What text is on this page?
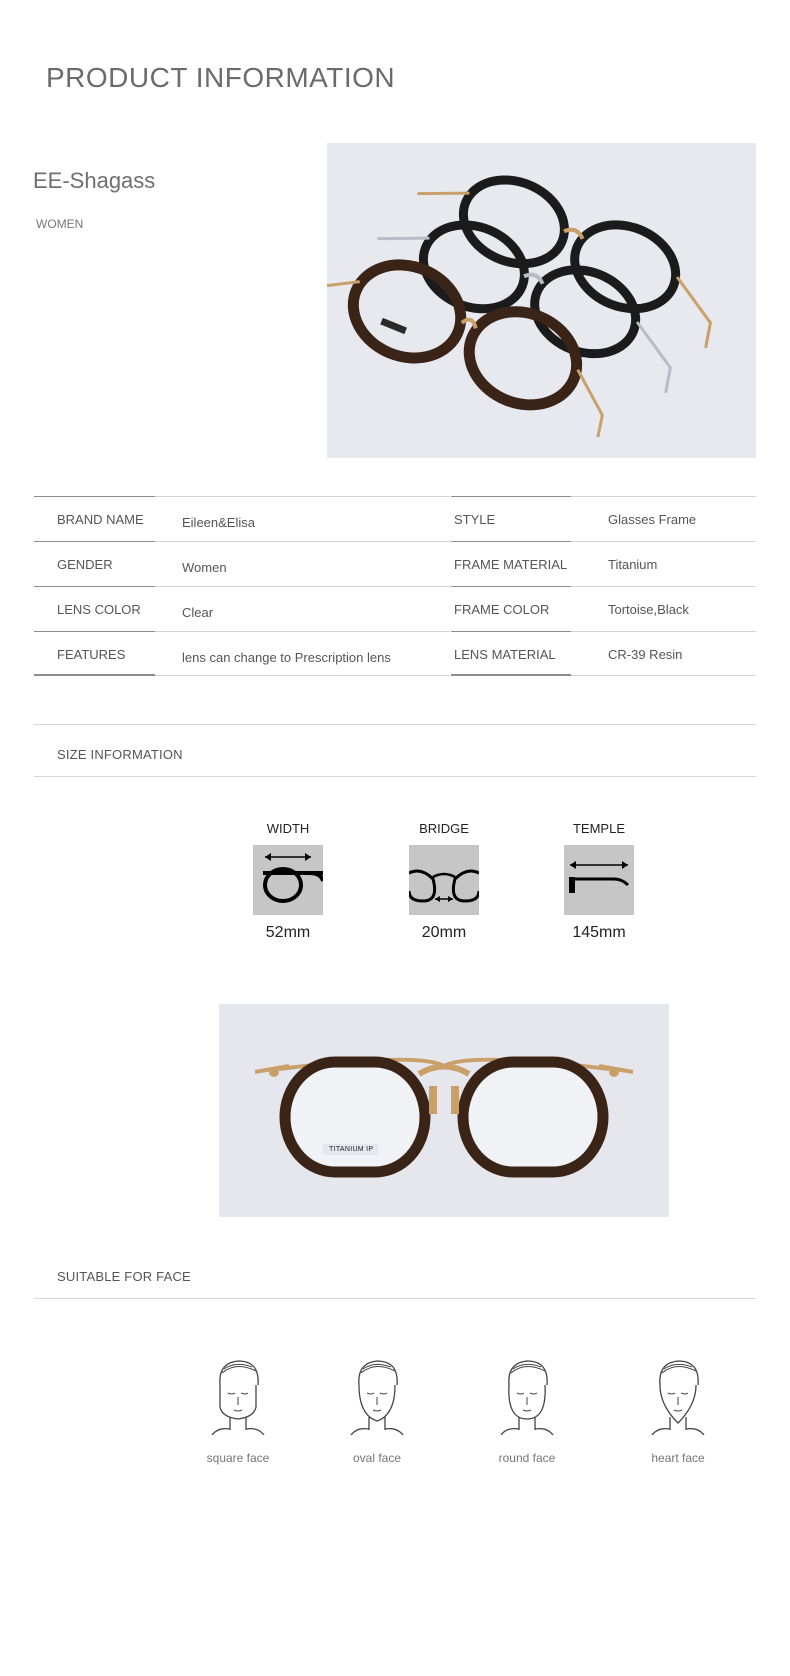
PRODUCT INFORMATION
EE-Shagass
WOMEN
BRAND NAME	Eileen&Elisa	STYLE	Glasses Frame
GENDER	Women	FRAME MATERIAL	Titanium
LENS COLOR	Clear	FRAME COLOR	Tortoise,Black
FEATURES	lens can change to Prescription lens	LENS MATERIAL	CR-39 Resin
SIZE INFORMATION
WIDTH
52mm
BRIDGE
20mm
TEMPLE
145mm
TITANIUM IP
SUITABLE FOR FACE
square face	oval face	round face	heart face
